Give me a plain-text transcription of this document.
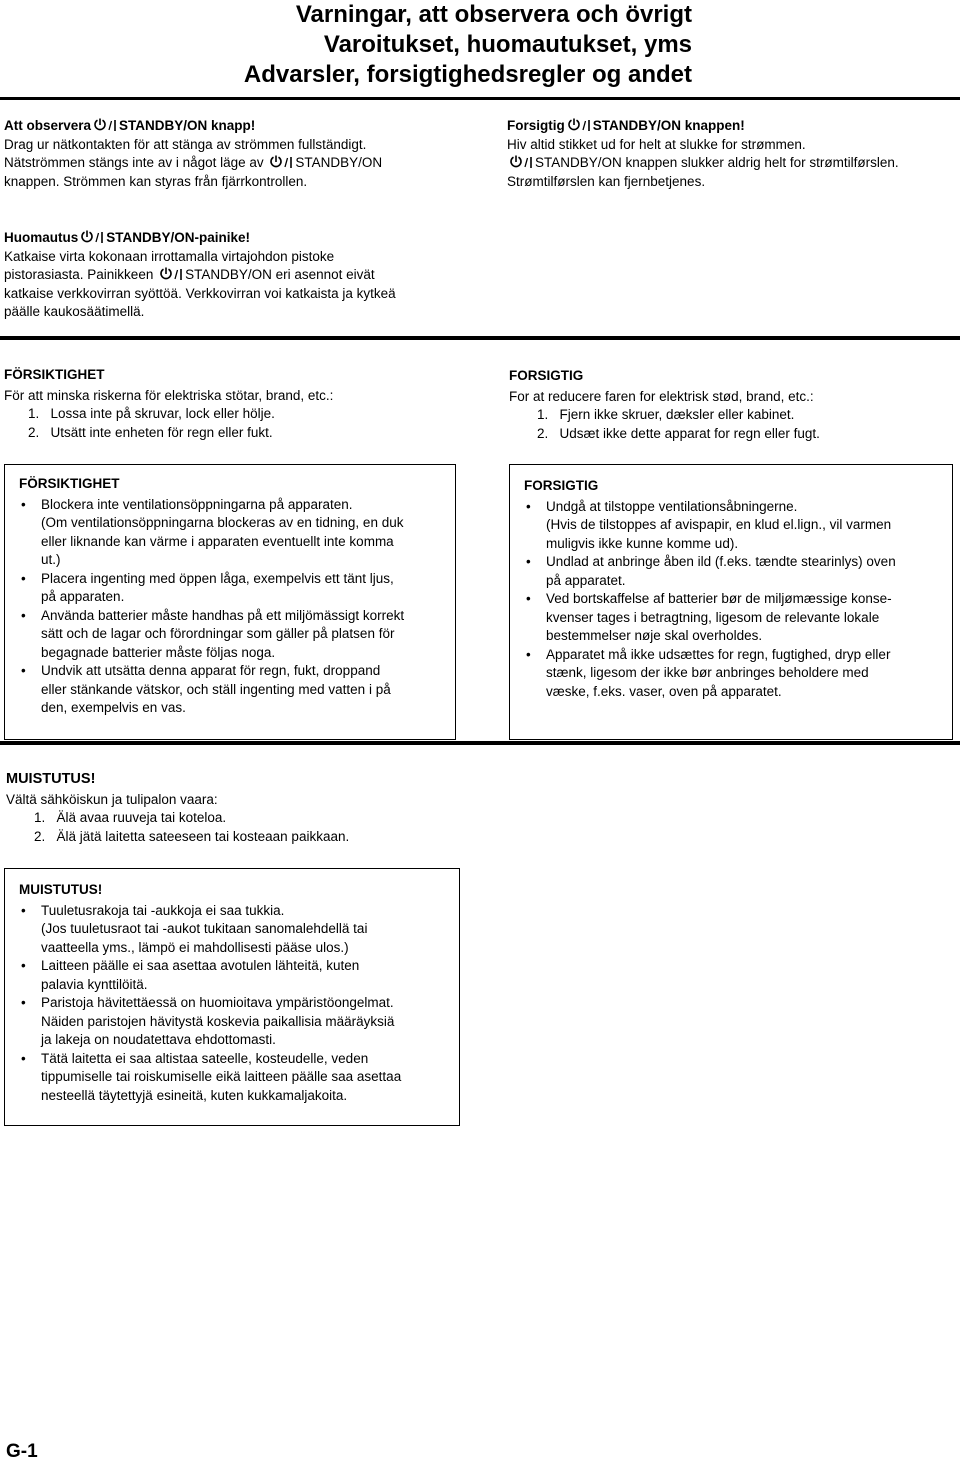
Varningar, att observera och övrigt
Varoitukset, huomautukset, yms
Advarsler, forsigtighedsregler og andet
Att observera STANDBY/ON knapp!
Drag ur nätkontakten för att stänga av strömmen fullständigt.
Nätströmmen stängs inte av i något läge av STANDBY/ON
knappen. Strömmen kan styras från fjärrkontrollen.
Forsigtig STANDBY/ON knappen!
Hiv altid stikket ud for helt at slukke for strømmen.
STANDBY/ON knappen slukker aldrig helt for strømtilførslen.
Strømtilførslen kan fjernbetjenes.
Huomautus STANDBY/ON-painike!
Katkaise virta kokonaan irrottamalla virtajohdon pistoke
pistorasiasta. Painikkeen STANDBY/ON eri asennot eivät
katkaise verkkovirran syöttöä. Verkkovirran voi katkaista ja kytkeä
päälle kaukosäätimellä.
FÖRSIKTIGHET
För att minska riskerna för elektriska stötar, brand, etc.:
1. Lossa inte på skruvar, lock eller hölje.
2. Utsätt inte enheten för regn eller fukt.
FORSIGTIG
For at reducere faren for elektrisk stød, brand, etc.:
1. Fjern ikke skruer, dæksler eller kabinet.
2. Udsæt ikke dette apparat for regn eller fugt.
FÖRSIKTIGHET
• Blockera inte ventilationsöppningarna på apparaten.
(Om ventilationsöppningarna blockeras av en tidning, en duk
eller liknande kan värme i apparaten eventuellt inte komma
ut.)
• Placera ingenting med öppen låga, exempelvis ett tänt ljus,
på apparaten.
• Använda batterier måste handhas på ett miljömässigt korrekt
sätt och de lagar och förordningar som gäller på platsen för
begagnade batterier måste följas noga.
• Undvik att utsätta denna apparat för regn, fukt, droppand
eller stänkande vätskor, och ställ ingenting med vatten i på
den, exempelvis en vas.
FORSIGTIG
• Undgå at tilstoppe ventilationsåbningerne.
(Hvis de tilstoppes af avispapir, en klud el.lign., vil varmen
muligvis ikke kunne komme ud).
• Undlad at anbringe åben ild (f.eks. tændte stearinlys) oven
på apparatet.
• Ved bortskaffelse af batterier bør de miljømæssige konse-
kvenser tages i betragtning, ligesom de relevante lokale
bestemmelser nøje skal overholdes.
• Apparatet må ikke udsættes for regn, fugtighed, dryp eller
stænk, ligesom der ikke bør anbringes beholdere med
væske, f.eks. vaser, oven på apparatet.
MUISTUTUS!
Vältä sähköiskun ja tulipalon vaara:
1. Älä avaa ruuveja tai koteloa.
2. Älä jätä laitetta sateeseen tai kosteaan paikkaan.
MUISTUTUS!
• Tuuletusrakoja tai -aukkoja ei saa tukkia.
(Jos tuuletusraot tai -aukot tukitaan sanomalehdellä tai
vaatteella yms., lämpö ei mahdollisesti pääse ulos.)
• Laitteen päälle ei saa asettaa avotulen lähteitä, kuten
palavia kynttilöitä.
• Paristoja hävitettäessä on huomioitava ympäristöongelmat.
Näiden paristojen hävitystä koskevia paikallisia määräyksiä
ja lakeja on noudatettava ehdottomasti.
• Tätä laitetta ei saa altistaa sateelle, kosteudelle, veden
tippumiselle tai roiskumiselle eikä laitteen päälle saa asettaa
nesteellä täytettyjä esineitä, kuten kukkamaljakoita.
G-1
